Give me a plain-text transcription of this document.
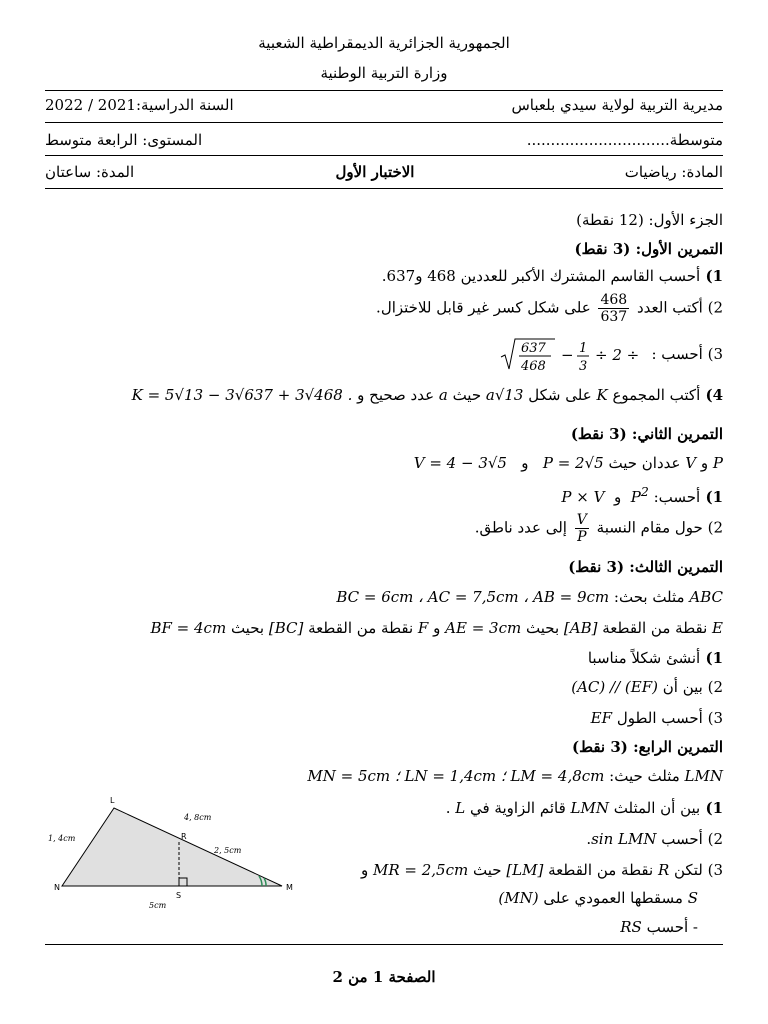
الجمهورية الجزائرية الديمقراطية الشعبية
وزارة التربية الوطنية
مديرية التربية لولاية سيدي بلعباس
السنة الدراسية:2021 / 2022
متوسطة..............................
المستوى: الرابعة متوسط
المادة: رياضيات
الاختبار الأول
المدة: ساعتان
الجزء الأول: (12 نقطة)
التمرين الأول: (3 نقط)
1) أحسب القاسم المشترك الأكبر للعددين 468 و637.
2) أكتب العدد
$\frac{468}{637}$
على شكل كسر غير قابل للاختزال.
3) أحسب :
637
468
− 1
3
÷ 2 ÷
4) أكتب المجموع K على شكل a√13 حيث a عدد صحيح و K = 5√13 − 3√637 + 3√468 .
التمرين الثاني: (3 نقط)
P و V عددان حيث P = 2√5   و   V = 4 − 3√5
1) أحسب: $P^2$  و  P × V
2) حول مقام النسبة
$\frac{V}{P}$
إلى عدد ناطق.
التمرين الثالث: (3 نقط)
ABC مثلث بحث: BC = 6cm ، AC = 7,5cm ، AB = 9cm
E نقطة من القطعة [AB] بحيث AE = 3cm و F نقطة من القطعة [BC] بحيث BF = 4cm
1) أنشئ شكلاً مناسبا
2) بين أن (AC) // (EF)
3) أحسب الطول EF
التمرين الرابع: (3 نقط)
LMN مثلث حيث: MN = 5cm ؛ LN = 1,4cm ؛ LM = 4,8cm
1) بين أن المثلث LMN قائم الزاوية في L .
2) أحسب sin LMN.
3) لتكن R نقطة من القطعة [LM] حيث MR = 2,5cm و
S مسقطها العمودي على (MN)
- أحسب RS
L
N	M
R
S
1, 4cm
4, 8cm
2, 5cm
5cm
الصفحة 1 من 2
